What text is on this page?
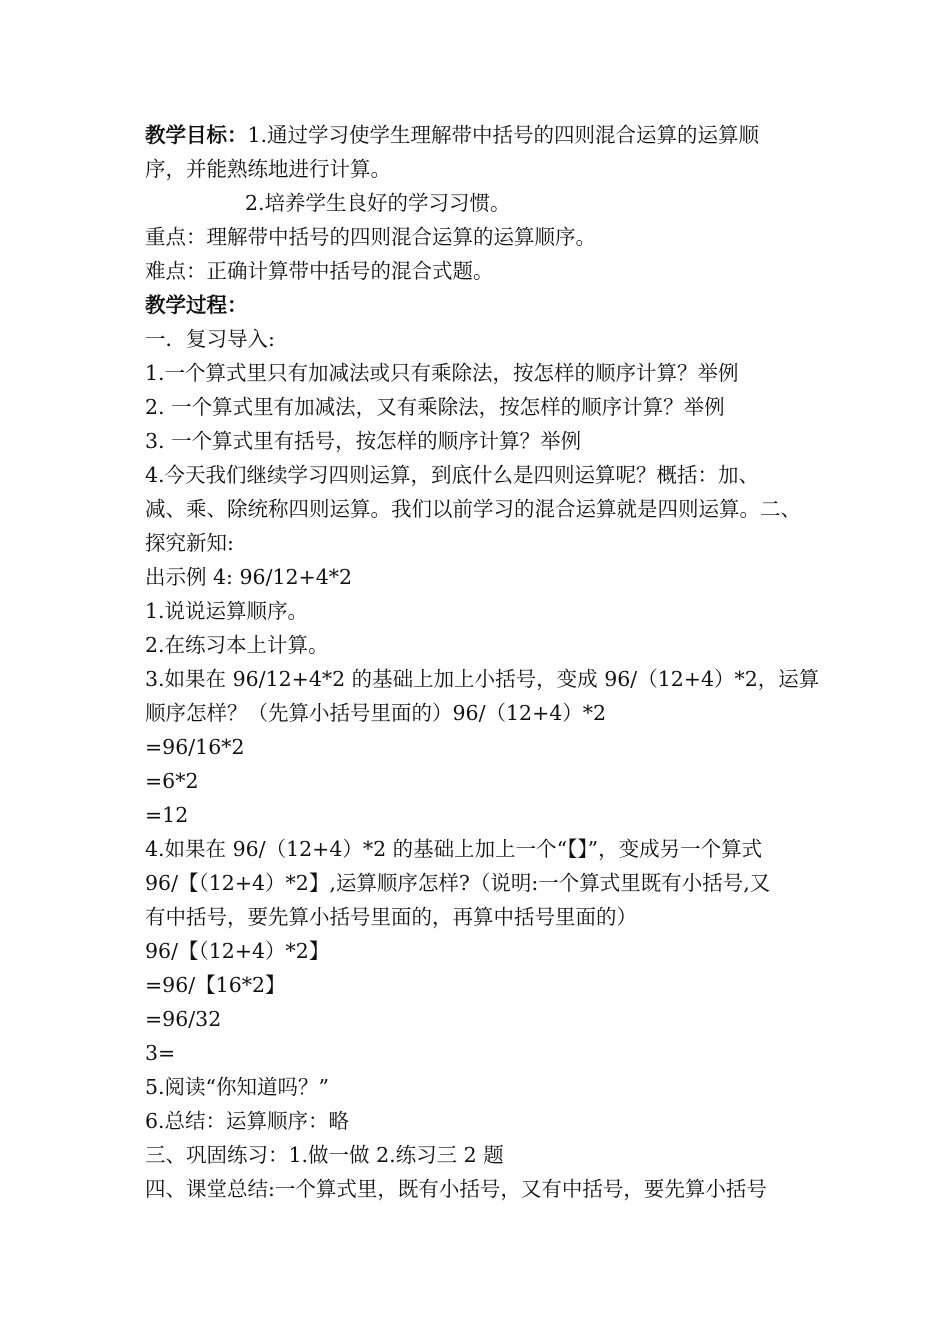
教学目标：1.通过学习使学生理解带中括号的四则混合运算的运算顺
序，并能熟练地进行计算。
2.培养学生良好的学习习惯。
重点：理解带中括号的四则混合运算的运算顺序。
难点：正确计算带中括号的混合式题。
教学过程：
一．复习导入:
1.一个算式里只有加减法或只有乘除法，按怎样的顺序计算？举例
2. 一个算式里有加减法，又有乘除法，按怎样的顺序计算？举例
3. 一个算式里有括号，按怎样的顺序计算？举例
4.今天我们继续学习四则运算，到底什么是四则运算呢？概括：加、
减、乘、除统称四则运算。我们以前学习的混合运算就是四则运算。二、
探究新知:
出示例 4: 96/12+4*2
1.说说运算顺序。
2.在练习本上计算。
3.如果在 96/12+4*2 的基础上加上小括号，变成 96/（12+4）*2，运算
顺序怎样？（先算小括号里面的）96/（12+4）*2
=96/16*2
=6*2
=12
4.如果在 96/（12+4）*2 的基础上加上一个“【】”，变成另一个算式
96/【（12+4）*2】,运算顺序怎样?（说明:一个算式里既有小括号,又
有中括号，要先算小括号里面的，再算中括号里面的）
96/【（12+4）*2】
=96/【16*2】
=96/32
3=
5.阅读“你知道吗？”
6.总结：运算顺序：略
三、巩固练习：1.做一做 2.练习三 2 题
四、课堂总结:一个算式里，既有小括号，又有中括号，要先算小括号
